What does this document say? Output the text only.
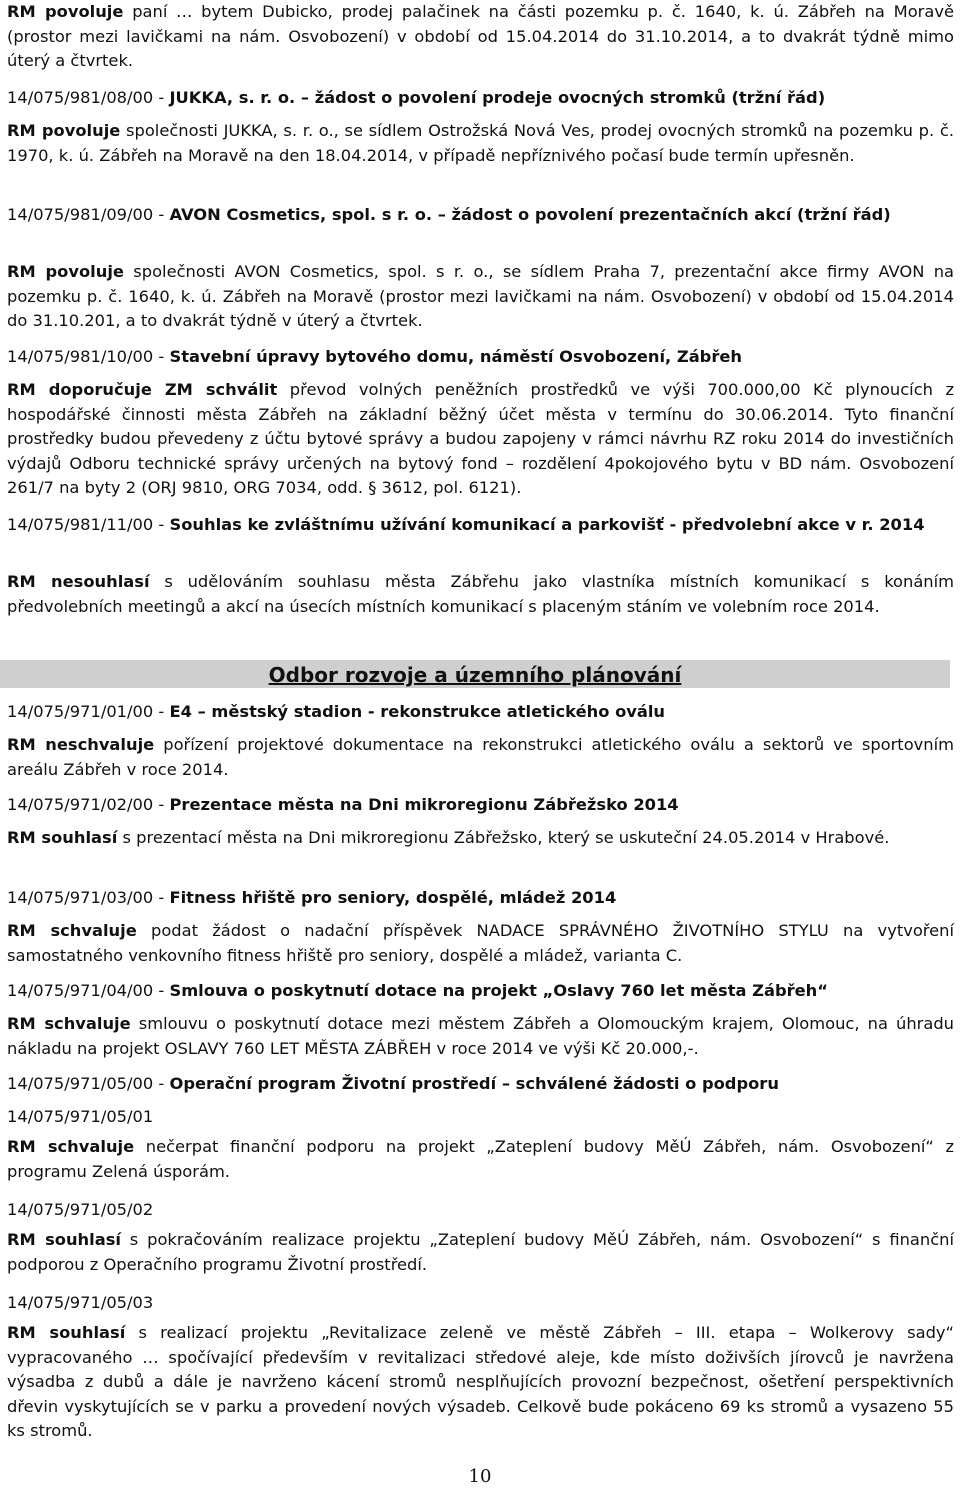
RM povoluje paní … bytem Dubicko, prodej palačinek na části pozemku p. č. 1640, k. ú. Zábřeh na Moravě (prostor mezi lavičkami na nám. Osvobození) v období od 15.04.2014 do 31.10.2014, a to dvakrát týdně mimo úterý a čtvrtek.

14/075/981/08/00 - JUKKA, s. r. o. – žádost o povolení prodeje ovocných stromků (tržní řád)

RM povoluje společnosti JUKKA, s. r. o., se sídlem Ostrožská Nová Ves, prodej ovocných stromků na pozemku p. č. 1970, k. ú. Zábřeh na Moravě na den 18.04.2014, v případě nepříznivého počasí bude termín upřesněn.

14/075/981/09/00 - AVON Cosmetics, spol. s r. o. – žádost o povolení prezentačních akcí (tržní řád)

RM povoluje společnosti AVON Cosmetics, spol. s r. o., se sídlem Praha 7, prezentační akce firmy AVON na pozemku p. č. 1640, k. ú. Zábřeh na Moravě (prostor mezi lavičkami na nám. Osvobození) v období od 15.04.2014 do 31.10.201, a to dvakrát týdně v úterý a čtvrtek.

14/075/981/10/00 - Stavební úpravy bytového domu, náměstí Osvobození, Zábřeh

RM doporučuje ZM schválit převod volných peněžních prostředků ve výši 700.000,00 Kč plynoucích z hospodářské činnosti města Zábřeh na základní běžný účet města v termínu do 30.06.2014. Tyto finanční prostředky budou převedeny z účtu bytové správy a budou zapojeny v rámci návrhu RZ roku 2014 do investičních výdajů Odboru technické správy určených na bytový fond – rozdělení 4pokojového bytu v BD nám. Osvobození 261/7 na byty 2 (ORJ 9810, ORG 7034, odd. § 3612, pol. 6121).

14/075/981/11/00 - Souhlas ke zvláštnímu užívání komunikací a parkovišť - předvolební akce v r. 2014

RM nesouhlasí s udělováním souhlasu města Zábřehu jako vlastníka místních komunikací s konáním předvolebních meetingů a akcí na úsecích místních komunikací s placeným stáním ve volebním roce 2014.

14/075/971/01/00 - E4 – městský stadion - rekonstrukce atletického oválu

RM neschvaluje pořízení projektové dokumentace na rekonstrukci atletického oválu a sektorů ve sportovním areálu Zábřeh v roce 2014.

14/075/971/02/00 - Prezentace města na Dni mikroregionu Zábřežsko 2014

RM souhlasí s prezentací města na Dni mikroregionu Zábřežsko, který se uskuteční 24.05.2014 v Hrabové.

14/075/971/03/00 - Fitness hřiště pro seniory, dospělé, mládež 2014

RM schvaluje podat žádost o nadační příspěvek NADACE SPRÁVNÉHO ŽIVOTNÍHO STYLU na vytvoření samostatného venkovního fitness hřiště pro seniory, dospělé a mládež, varianta C.

14/075/971/04/00 - Smlouva o poskytnutí dotace na projekt „Oslavy 760 let města Zábřeh“

RM schvaluje smlouvu o poskytnutí dotace mezi městem Zábřeh a Olomouckým krajem, Olomouc, na úhradu nákladu na projekt OSLAVY 760 LET MĚSTA ZÁBŘEH v roce 2014 ve výši Kč 20.000,-.

14/075/971/05/00 - Operační program Životní prostředí – schválené žádosti o podporu

14/075/971/05/01

RM schvaluje nečerpat finanční podporu na projekt „Zateplení budovy MěÚ Zábřeh, nám. Osvobození“ z programu Zelená úsporám.

14/075/971/05/02

RM souhlasí s pokračováním realizace projektu „Zateplení budovy MěÚ Zábřeh, nám. Osvobození“ s finanční podporou z Operačního programu Životní prostředí.

14/075/971/05/03

RM souhlasí s realizací projektu „Revitalizace zeleně ve městě Zábřeh – III. etapa – Wolkerovy sady“ vypracovaného … spočívající především v revitalizaci středové aleje, kde místo doživších jírovců je navržena výsadba z dubů a dále je navrženo kácení stromů nesplňujících provozní bezpečnost, ošetření perspektivních dřevin vyskytujících se v parku a provedení nových výsadeb. Celkově bude pokáceno 69 ks stromů a vysazeno 55 ks stromů.

Odbor rozvoje a územního plánování
10
